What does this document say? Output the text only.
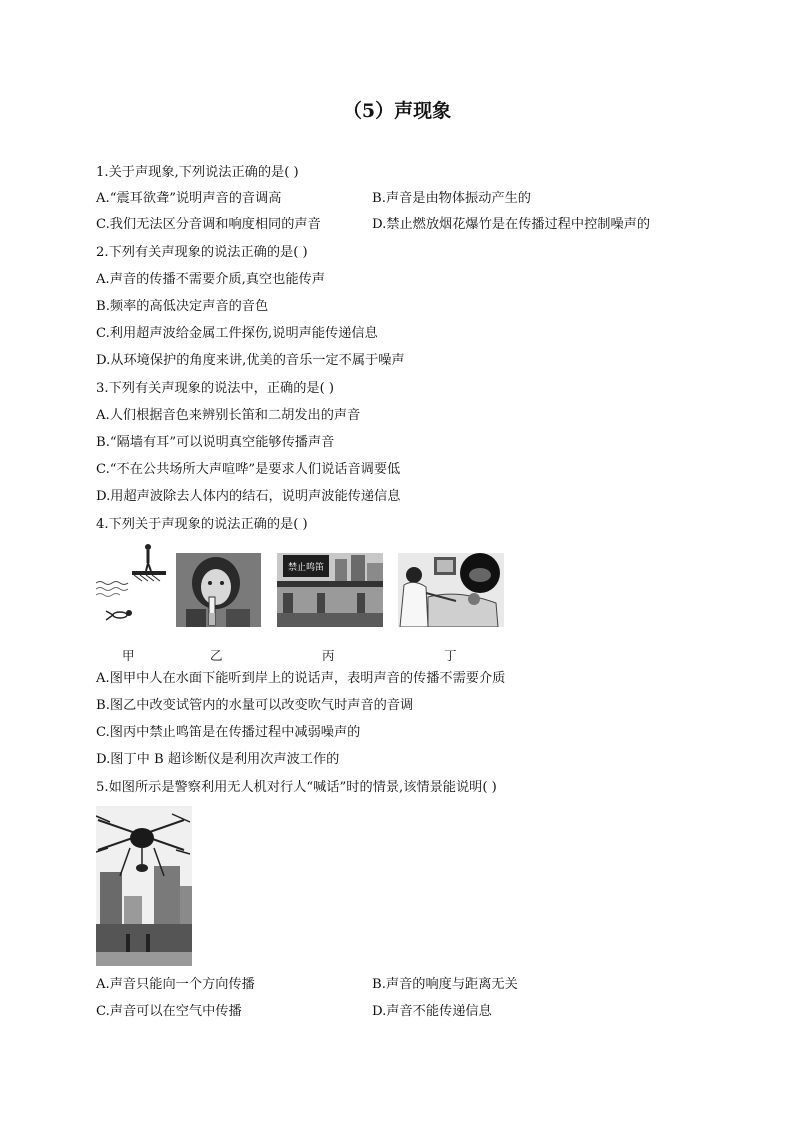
（5）声现象
1.关于声现象,下列说法正确的是( )
A.“震耳欲聋”说明声音的音调高	B.声音是由物体振动产生的
C.我们无法区分音调和响度相同的声音	D.禁止燃放烟花爆竹是在传播过程中控制噪声的
2.下列有关声现象的说法正确的是( )
A.声音的传播不需要介质,真空也能传声
B.频率的高低决定声音的音色
C.利用超声波给金属工件探伤,说明声能传递信息
D.从环境保护的角度来讲,优美的音乐一定不属于噪声
3.下列有关声现象的说法中，正确的是( )
A.人们根据音色来辨别长笛和二胡发出的声音
B.“隔墙有耳”可以说明真空能够传播声音
C.“不在公共场所大声喧哗”是要求人们说话音调要低
D.用超声波除去人体内的结石，说明声波能传递信息
4.下列关于声现象的说法正确的是( )
禁止鸣笛
甲	乙	丙	丁
A.图甲中人在水面下能听到岸上的说话声，表明声音的传播不需要介质
B.图乙中改变试管内的水量可以改变吹气时声音的音调
C.图丙中禁止鸣笛是在传播过程中减弱噪声的
D.图丁中 B 超诊断仪是利用次声波工作的
5.如图所示是警察利用无人机对行人“喊话”时的情景,该情景能说明( )
A.声音只能向一个方向传播	B.声音的响度与距离无关
C.声音可以在空气中传播	D.声音不能传递信息
